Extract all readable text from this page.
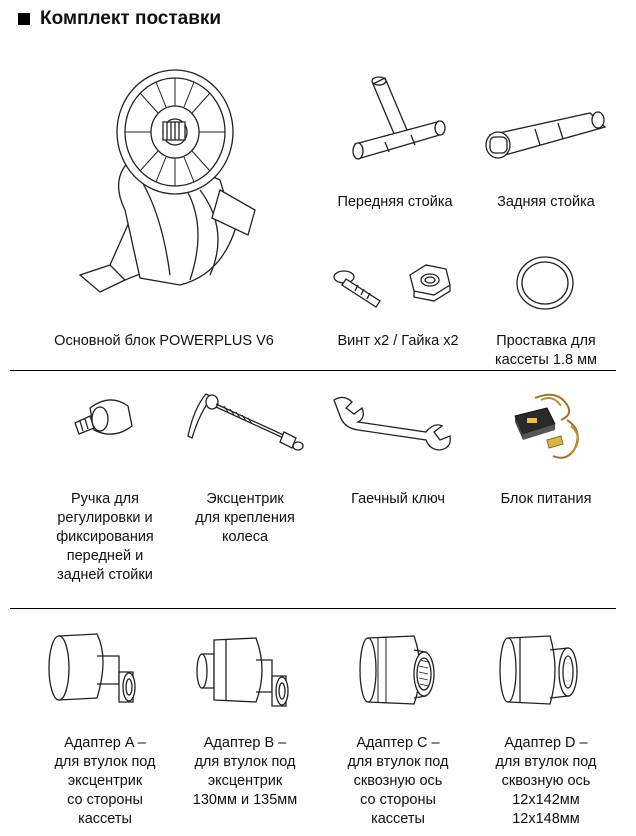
Комплект поставки
Основной блок POWERPLUS V6
Передняя стойка	Задняя стойка
Винт х2 / Гайка х2	Проставка для
кассеты 1.8 мм
Ручка для
регулировки и
фиксирования
передней и
задней стойки
Эксцентрик
для крепления
колеса
Гаечный ключ	Блок питания
Адаптер A –
для втулок под
эксцентрик
со стороны
кассеты
Адаптер B –
для втулок под
эксцентрик
130мм и 135мм
Адаптер C –
для втулок под
сквозную ось
со стороны
кассеты
Адаптер D –
для втулок под
сквозную ось
12х142мм
12х148мм
